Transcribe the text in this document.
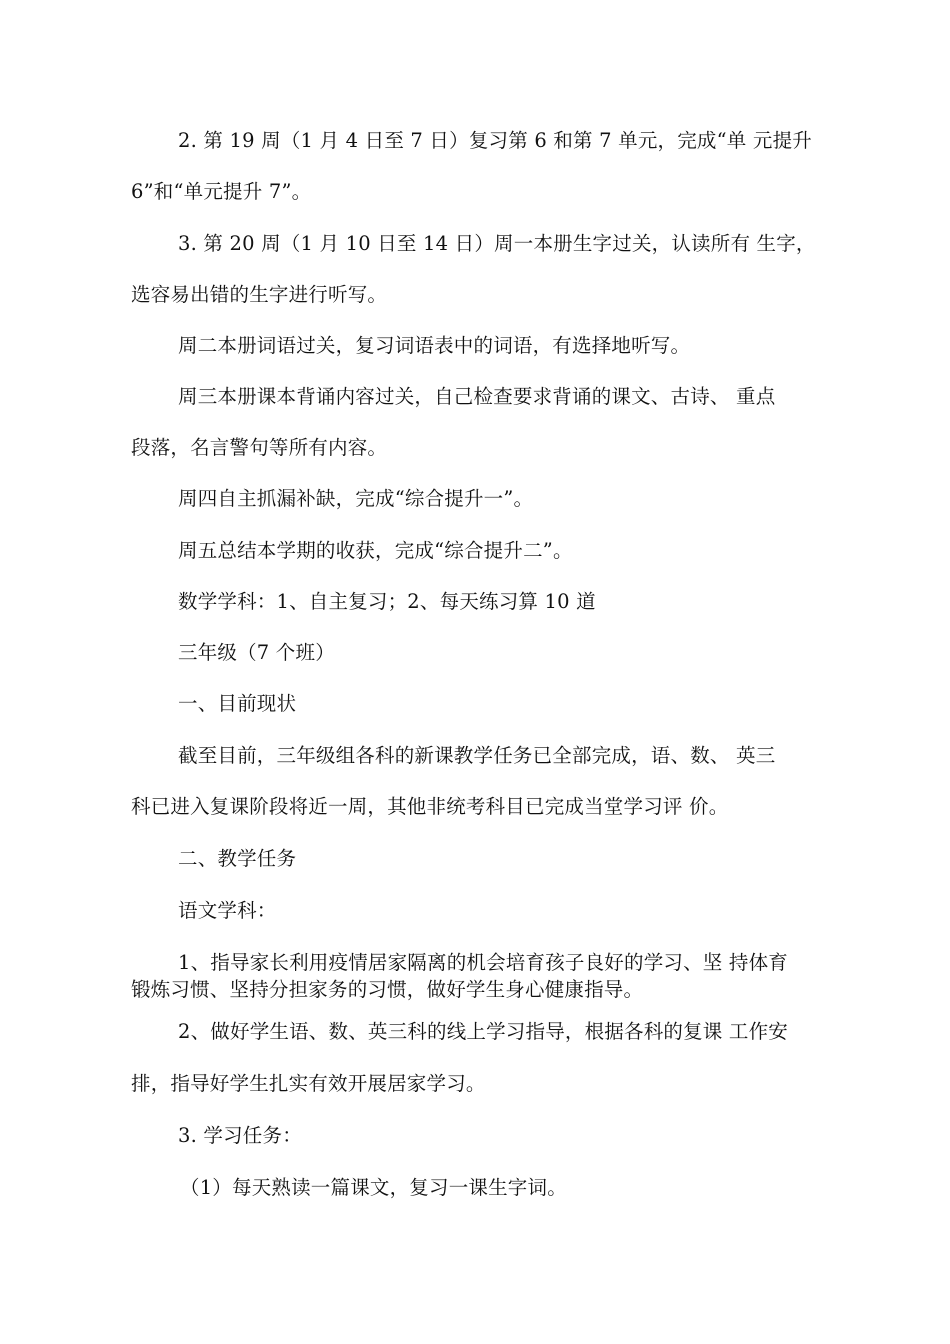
2. 第 19 周（1 月 4 日至 7 日）复习第 6 和第 7 单元，完成“单 元提升
6”和“单元提升 7”。
3. 第 20 周（1 月 10 日至 14 日）周一本册生字过关，认读所有 生字，
选容易出错的生字进行听写。
周二本册词语过关，复习词语表中的词语，有选择地听写。
周三本册课本背诵内容过关，自己检查要求背诵的课文、古诗、 重点
段落，名言警句等所有内容。
周四自主抓漏补缺，完成“综合提升一”。
周五总结本学期的收获，完成“综合提升二”。
数学学科：1、自主复习；2、每天练习算 10 道
三年级（7 个班）
一、目前现状
截至目前，三年级组各科的新课教学任务已全部完成，语、数、 英三
科已进入复课阶段将近一周，其他非统考科目已完成当堂学习评 价。
二、教学任务
语文学科：
1、指导家长利用疫情居家隔离的机会培育孩子良好的学习、坚 持体育
锻炼习惯、坚持分担家务的习惯，做好学生身心健康指导。
2、做好学生语、数、英三科的线上学习指导，根据各科的复课 工作安
排，指导好学生扎实有效开展居家学习。
3. 学习任务：
（1）每天熟读一篇课文，复习一课生字词。
